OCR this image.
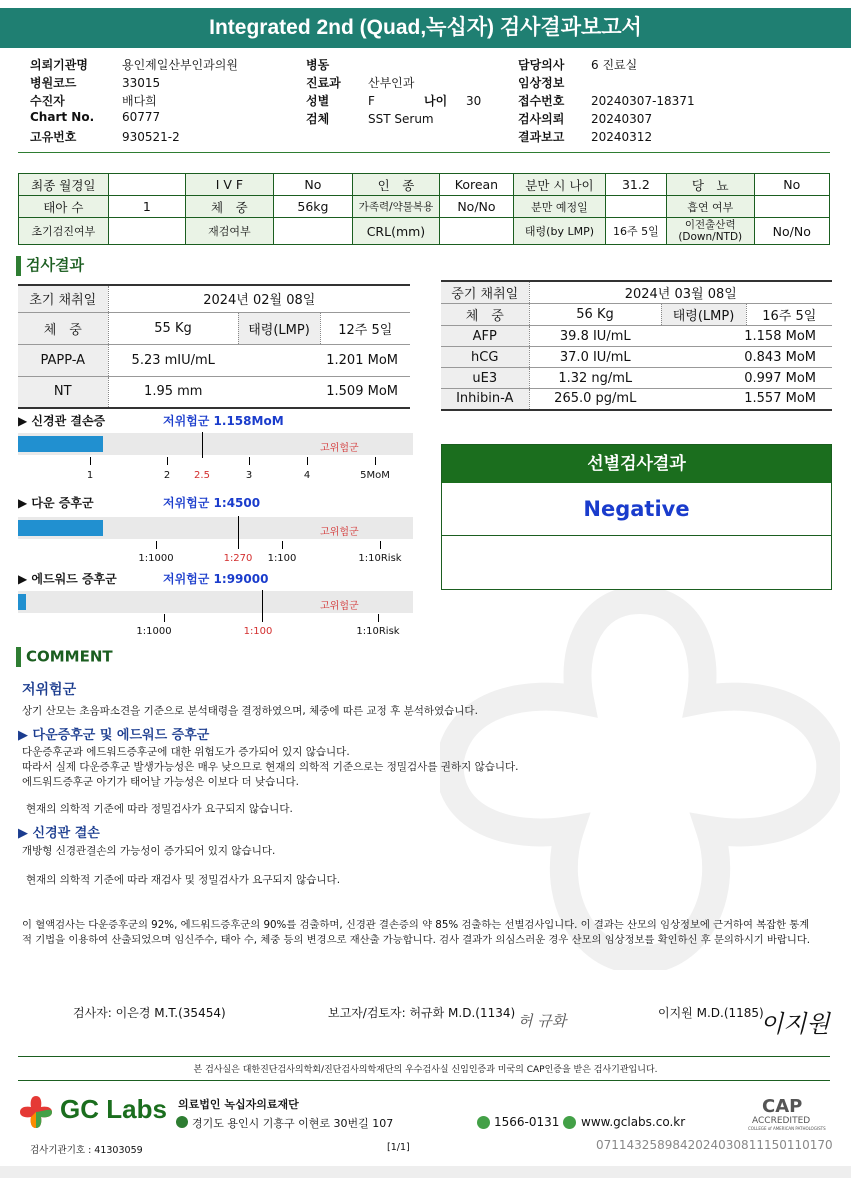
Integrated 2nd (Quad,녹십자) 검사결과보고서
의뢰기관명	용인제일산부인과의원
병원코드	33015
수진자	배다희
Chart No. 60777
고유번호	930521-2
병동
진료과 산부인과
성별	F	나이 30
검체	SST Serum
담당의사 6 진료실
임상정보
접수번호 20240307-18371
검사의뢰 20240307
결과보고 20240312
최종 월경일		I V F	No	인　종	Korean	분만 시 나이	31.2	당　뇨	No
태아 수	1	체　중	56kg	가족력/약물복용	No/No	분만 예정일		흡연 여부	
초기검진여부		재검여부		CRL(mm)		태령(by LMP)	16주 5일	이전출산력 (Down/NTD)	No/No
검사결과
초기 채취일	2024년 02월 08일		
체　중	55 Kg	태령(LMP)	12주 5일
PAPP-A	5.23 mIU/mL	1.201 MoM	
NT	1.95 mm	1.509 MoM	
중기 채취일	2024년 03월 08일		
체　중	56 Kg	태령(LMP)	16주 5일
AFP	39.8 IU/mL	1.158 MoM	
hCG	37.0 IU/mL	0.843 MoM	
uE3	1.32 ng/mL	0.997 MoM	
Inhibin-A	265.0 pg/mL	1.557 MoM	
▶ 신경관 결손증	저위험군 1.158MoM
고위험군
1	2	2.5	3	4	5MoM
▶ 다운 증후군	저위험군 1:4500
고위험군
1:1000	1:270	1:100	1:10Risk
▶ 에드워드 증후군	저위험군 1:99000
고위험군
1:1000	1:100	1:10Risk
선별검사결과
Negative
COMMENT
저위험군
상기 산모는 초음파소견을 기준으로 분석태령을 결정하였으며, 체중에 따른 교정 후 분석하였습니다.
▶ 다운증후군 및 에드워드 증후군
다운증후군과 에드워드증후군에 대한 위험도가 증가되어 있지 않습니다.
따라서 실제 다운증후군 발생가능성은 매우 낮으므로 현재의 의학적 기준으로는 정밀검사를 권하지 않습니다.
에드워드증후군 아기가 태어날 가능성은 이보다 더 낮습니다.
현재의 의학적 기준에 따라 정밀검사가 요구되지 않습니다.
▶ 신경관 결손
개방형 신경관결손의 가능성이 증가되어 있지 않습니다.
현재의 의학적 기준에 따라 재검사 및 정밀검사가 요구되지 않습니다.
이 혈액검사는 다운증후군의 92%, 에드워드증후군의 90%를 검출하며, 신경관 결손증의 약 85% 검출하는 선별검사입니다. 이 결과는 산모의 임상정보에 근거하여 복잡한 통계
적 기법을 이용하여 산출되었으며 임신주수, 태아 수, 체중 등의 변경으로 재산출 가능합니다. 검사 결과가 의심스러운 경우 산모의 임상정보를 확인하신 후 문의하시기 바랍니다.
검사자: 이은경 M.T.(35454)	보고자/검토자: 허규화 M.D.(1134) 허 규화	이지원 M.D.(1185)
이지원
본 검사실은 대한진단검사의학회/진단검사의학재단의 우수검사실 신임인증과 미국의 CAP인증을 받은 검사기관입니다.
GC Labs 의료법인 녹십자의료재단
경기도 용인시 기흥구 이현로 30번길 107	1566-0131 www.gclabs.co.kr
CAP
ACCREDITED
COLLEGE of AMERICAN PATHOLOGISTS
검사기관기호 : 41303059	[1/1]	0711432589842024030811150110170
